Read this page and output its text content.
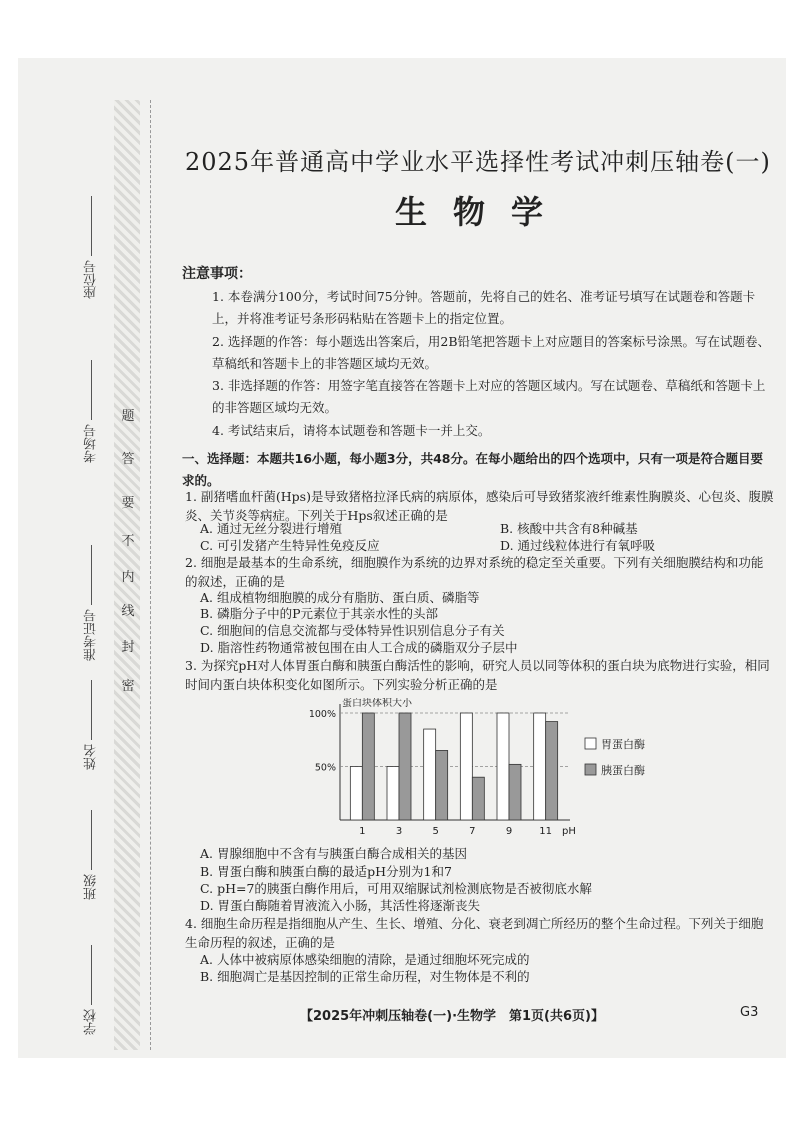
座位号
考场号
准考证号
姓名
班级
学校
密
封
线
内
不
要
答
题
2025年普通高中学业水平选择性考试冲刺压轴卷(一)
生物学
注意事项：
1. 本卷满分100分，考试时间75分钟。答题前，先将自己的姓名、准考证号填写在试题卷和答题卡上，并将准考证号条形码粘贴在答题卡上的指定位置。
2. 选择题的作答：每小题选出答案后，用2B铅笔把答题卡上对应题目的答案标号涂黑。写在试题卷、草稿纸和答题卡上的非答题区域均无效。
3. 非选择题的作答：用签字笔直接答在答题卡上对应的答题区域内。写在试题卷、草稿纸和答题卡上的非答题区域均无效。
4. 考试结束后，请将本试题卷和答题卡一并上交。
一、选择题：本题共16小题，每小题3分，共48分。在每小题给出的四个选项中，只有一项是符合题目要求的。
1. 副猪嗜血杆菌(Hps)是导致猪格拉泽氏病的病原体，感染后可导致猪浆液纤维素性胸膜炎、心包炎、腹膜炎、关节炎等病症。下列关于Hps叙述正确的是
A. 通过无丝分裂进行增殖	B. 核酸中共含有8种碱基
C. 可引发猪产生特异性免疫反应	D. 通过线粒体进行有氧呼吸
2. 细胞是最基本的生命系统，细胞膜作为系统的边界对系统的稳定至关重要。下列有关细胞膜结构和功能的叙述，正确的是
A. 组成植物细胞膜的成分有脂肪、蛋白质、磷脂等
B. 磷脂分子中的P元素位于其亲水性的头部
C. 细胞间的信息交流都与受体特异性识别信息分子有关
D. 脂溶性药物通常被包围在由人工合成的磷脂双分子层中
3. 为探究pH对人体胃蛋白酶和胰蛋白酶活性的影响，研究人员以同等体积的蛋白块为底物进行实验，相同时间内蛋白块体积变化如图所示。下列实验分析正确的是
蛋白块体积大小
pH
50%
100%
1	3	5	7	9	11
胃蛋白酶
胰蛋白酶
A. 胃腺细胞中不含有与胰蛋白酶合成相关的基因
B. 胃蛋白酶和胰蛋白酶的最适pH分别为1和7
C. pH=7的胰蛋白酶作用后，可用双缩脲试剂检测底物是否被彻底水解
D. 胃蛋白酶随着胃液流入小肠，其活性将逐渐丧失
4. 细胞生命历程是指细胞从产生、生长、增殖、分化、衰老到凋亡所经历的整个生命过程。下列关于细胞生命历程的叙述，正确的是
A. 人体中被病原体感染细胞的清除，是通过细胞坏死完成的
B. 细胞凋亡是基因控制的正常生命历程，对生物体是不利的
【2025年冲刺压轴卷(一)·生物学　第1页(共6页)】	G3
